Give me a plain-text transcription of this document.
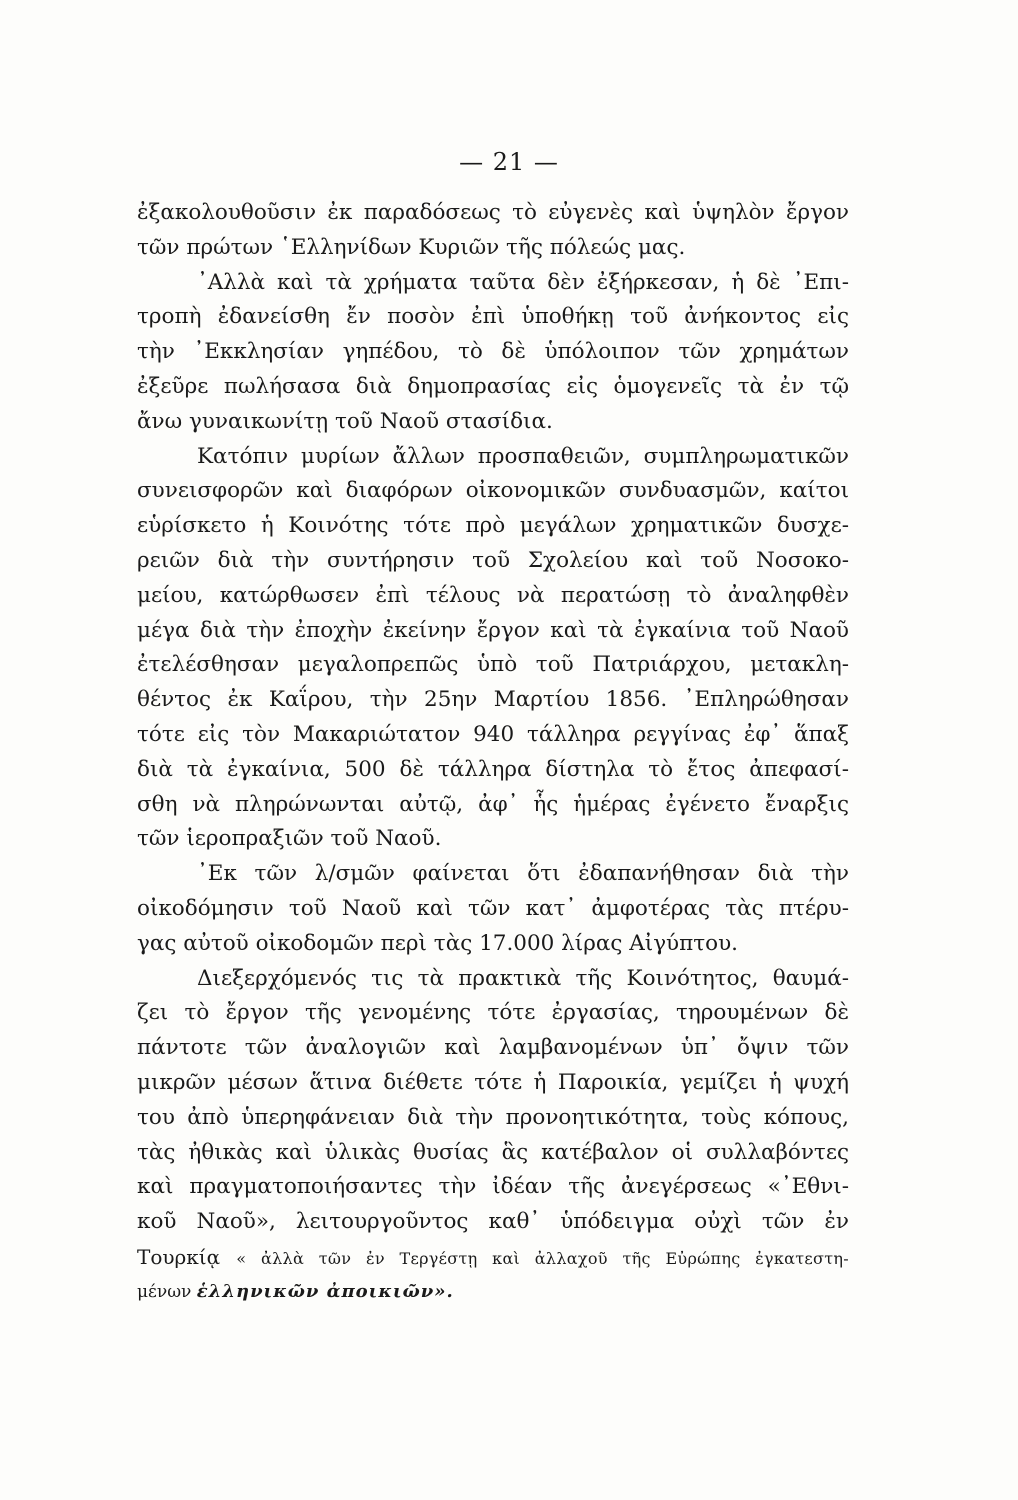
— 21 —
ἐξακολουθοῦσιν ἐκ παραδόσεως τὸ εὐγενὲς καὶ ὑψηλὸν ἔργον
τῶν πρώτων ῾Ελληνίδων Κυριῶν τῆς πόλεώς μας.
᾿Αλλὰ καὶ τὰ χρήματα ταῦτα δὲν ἐξήρκεσαν, ἡ δὲ ᾿Επι-
τροπὴ ἐδανείσθη ἔν ποσὸν ἐπὶ ὑποθήκῃ τοῦ ἀνήκοντος εἰς
τὴν ᾿Εκκλησίαν γηπέδου, τὸ δὲ ὑπόλοιπον τῶν χρημάτων
ἐξεῦρε πωλήσασα διὰ δημοπρασίας εἰς ὁμογενεῖς τὰ ἐν τῷ
ἄνω γυναικωνίτῃ τοῦ Ναοῦ στασίδια.
Κατόπιν μυρίων ἄλλων προσπαθειῶν, συμπληρωματικῶν
συνεισφορῶν καὶ διαφόρων οἰκονομικῶν συνδυασμῶν, καίτοι
εὑρίσκετο ἡ Κοινότης τότε πρὸ μεγάλων χρηματικῶν δυσχε-
ρειῶν διὰ τὴν συντήρησιν τοῦ Σχολείου καὶ τοῦ Νοσοκο-
μείου, κατώρθωσεν ἐπὶ τέλους νὰ περατώσῃ τὸ ἀναληφθὲν
μέγα διὰ τὴν ἐποχὴν ἐκείνην ἔργον καὶ τὰ ἐγκαίνια τοῦ Ναοῦ
ἐτελέσθησαν μεγαλοπρεπῶς ὑπὸ τοῦ Πατριάρχου, μετακλη-
θέντος ἐκ Καΐρου, τὴν 25ην Μαρτίου 1856. ᾿Επληρώθησαν
τότε εἰς τὸν Μακαριώτατον 940 τάλληρα ρεγγίνας ἐφ᾿ ἅπαξ
διὰ τὰ ἐγκαίνια, 500 δὲ τάλληρα δίστηλα τὸ ἔτος ἀπεφασί-
σθη νὰ πληρώνωνται αὐτῷ, ἀφ᾿ ἧς ἡμέρας ἐγένετο ἔναρξις
τῶν ἱεροπραξιῶν τοῦ Ναοῦ.
᾿Εκ τῶν λ/σμῶν φαίνεται ὅτι ἐδαπανήθησαν διὰ τὴν
οἰκοδόμησιν τοῦ Ναοῦ καὶ τῶν κατ᾿ ἀμφοτέρας τὰς πτέρυ-
γας αὐτοῦ οἰκοδομῶν περὶ τὰς 17.000 λίρας Αἰγύπτου.
Διεξερχόμενός τις τὰ πρακτικὰ τῆς Κοινότητος, θαυμά-
ζει τὸ ἔργον τῆς γενομένης τότε ἐργασίας, τηρουμένων δὲ
πάντοτε τῶν ἀναλογιῶν καὶ λαμβανομένων ὑπ᾿ ὄψιν τῶν
μικρῶν μέσων ἅτινα διέθετε τότε ἡ Παροικία, γεμίζει ἡ ψυχή
του ἀπὸ ὑπερηφάνειαν διὰ τὴν προνοητικότητα, τοὺς κόπους,
τὰς ἠθικὰς καὶ ὑλικὰς θυσίας ἃς κατέβαλον οἱ συλλαβόντες
καὶ πραγματοποιήσαντες τὴν ἰδέαν τῆς ἀνεγέρσεως «᾿Εθνι-
κοῦ Ναοῦ», λειτουργοῦντος καθ᾿ ὑπόδειγμα οὐχὶ τῶν ἐν
Τουρκίᾳ « ἀλλὰ τῶν ἐν Τεργέστῃ καὶ ἀλλαχοῦ τῆς Εὐρώπης ἐγκατεστη-
μένων ἑλληνικῶν ἀποικιῶν».
